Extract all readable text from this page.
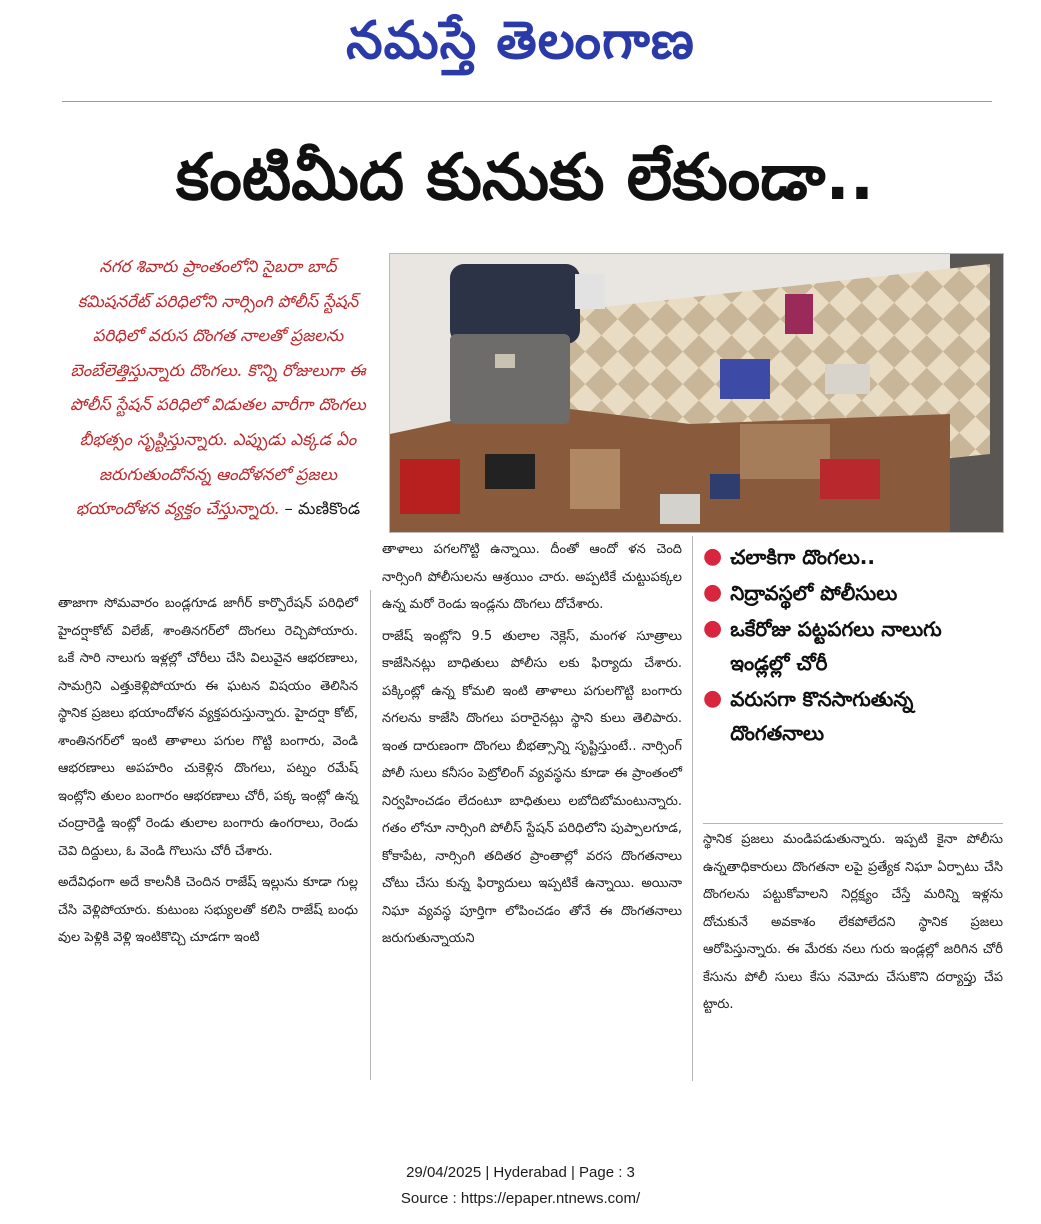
నమస్తే తెలంగాణ
కంటిమీద కునుకు లేకుండా..
నగర శివారు ప్రాంతంలోని సైబరా బాద్ కమిషనరేట్ పరిధిలోని నార్సింగి పోలీస్ స్టేషన్ పరిధిలో వరుస దొంగత నాలతో ప్రజలను బెంబేలెత్తిస్తున్నారు దొంగలు. కొన్ని రోజులుగా ఈ పోలీస్ స్టేషన్ పరిధిలో విడుతల వారీగా దొంగలు బీభత్సం సృష్టిస్తున్నారు. ఎప్పుడు ఎక్కడ ఏం జరుగుతుందోనన్న ఆందోళనలో ప్రజలు భయాందోళన వ్యక్తం చేస్తున్నారు. – మణికొండ

తాజాగా సోమవారం బండ్లగూడ జాగీర్ కార్పొరేషన్ పరిధిలో హైదర్షాకోట్ విలేజ్, శాంతినగర్‌లో దొంగలు రెచ్చిపోయారు. ఒకే సారి నాలుగు ఇళ్లల్లో చోరీలు చేసి విలువైన ఆభరణాలు, సామగ్రిని ఎత్తుకెళ్లిపోయారు ఈ ఘటన విషయం తెలిసిన స్థానిక ప్రజలు భయాందోళన వ్యక్తపరుస్తున్నారు. హైదర్షా కోట్, శాంతినగర్‌లో ఇంటి తాళాలు పగుల గొట్టి బంగారు, వెండి ఆభరణాలు అపహరిం చుకెళ్లిన దొంగలు, పట్నం రమేష్ ఇంట్లోని తులం బంగారం ఆభరణాలు చోరీ, పక్క ఇంట్లో ఉన్న చంద్రారెడ్డి ఇంట్లో రెండు తులాల బంగారు ఉంగరాలు, రెండు చెవి దిద్దులు, ఓ వెండి గొలుసు చోరీ చేశారు.

అదేవిధంగా అదే కాలనీకి చెందిన రాజేష్ ఇల్లును కూడా గుల్ల చేసి వెళ్లిపోయారు. కుటుంబ సభ్యులతో కలిసి రాజేష్ బంధు వుల పెళ్లికి వెళ్లి ఇంటికొచ్చి చూడగా ఇంటి

తాళాలు పగలగొట్టి ఉన్నాయి. దీంతో ఆందో ళన చెంది నార్సింగి పోలీసులను ఆశ్రయిం చారు. అప్పటికే చుట్టుపక్కల ఉన్న మరో రెండు ఇండ్లను దొంగలు దోచేశారు.

రాజేష్ ఇంట్లోని 9.5 తులాల నెక్లెస్, మంగళ సూత్రాలు కాజేసినట్లు బాధితులు పోలీసు లకు ఫిర్యాదు చేశారు. పక్కింట్లో ఉన్న కోమలి ఇంటి తాళాలు పగులగొట్టి బంగారు నగలను కాజేసి దొంగలు పరారైనట్లు స్థాని కులు తెలిపారు. ఇంత దారుణంగా దొంగలు బీభత్సాన్ని సృష్టిస్తుంటే.. నార్సింగ్ పోలీ సులు కనీసం పెట్రోలింగ్ వ్యవస్థను కూడా ఈ ప్రాంతంలో నిర్వహించడం లేదంటూ బాధితులు లబోదిబోమంటున్నారు. గతం లోనూ నార్సింగి పోలీస్ స్టేషన్ పరిధిలోని పుప్పాలగూడ, కోకాపేట, నార్సింగి తదితర ప్రాంతాల్లో వరస దొంగతనాలు చోటు చేసు కున్న ఫిర్యాదులు ఇప్పటికే ఉన్నాయి. అయినా నిఘా వ్యవస్థ పూర్తిగా లోపించడం తోనే ఈ దొంగతనాలు జరుగుతున్నాయని

● చలాకిగా దొంగలు..
● నిద్రావస్థలో పోలీసులు
● ఒకేరోజు పట్టపగలు నాలుగు ఇండ్లల్లో చోరీ
● వరుసగా కొనసాగుతున్న దొంగతనాలు

స్థానిక ప్రజలు మండిపడుతున్నారు. ఇప్పటి కైనా పోలీసు ఉన్నతాధికారులు దొంగతనా లపై ప్రత్యేక నిఘా ఏర్పాటు చేసి దొంగలను పట్టుకోవాలని నిర్లక్ష్యం చేస్తే మరిన్ని ఇళ్లను దోచుకునే అవకాశం లేకపోలేదని స్థానిక ప్రజలు ఆరోపిస్తున్నారు. ఈ మేరకు నలు గురు ఇండ్లల్లో జరిగిన చోరీ కేసును పోలీ సులు కేసు నమోదు చేసుకొని దర్యాప్తు చేప ట్టారు.

29/04/2025 | Hyderabad | Page : 3
Source : https://epaper.ntnews.com/
